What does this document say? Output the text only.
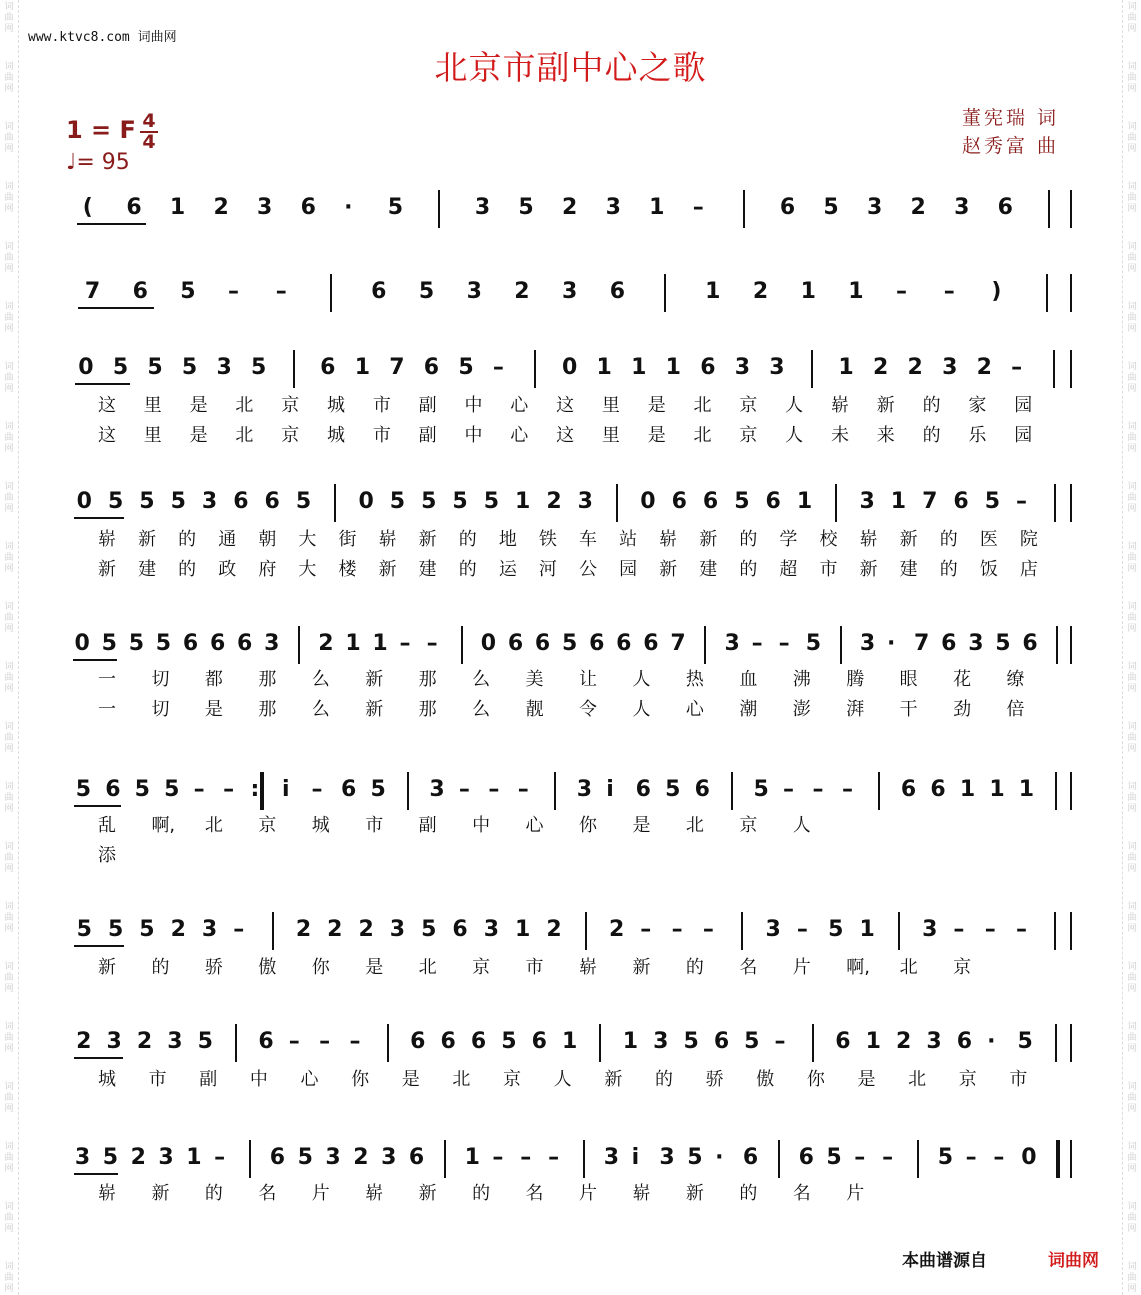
词
曲
网
词
曲
网
词
曲
网
词
曲
网
词
曲
网
词
曲
网
词
曲
网
词
曲
网
词
曲
网
词
曲
网
词
曲
网
词
曲
网
词
曲
网
词
曲
网
词
曲
网
词
曲
网
词
曲
网
词
曲
网
词
曲
网
词
曲
网
词
曲
网
词
曲
网
词
曲
网
词
曲
网
词
曲
网
词
曲
网
词
曲
网
词
曲
网
词
曲
网
词
曲
网
词
曲
网
词
曲
网
词
曲
网
词
曲
网
词
曲
网
词
曲
网
词
曲
网
词
曲
网
词
曲
网
词
曲
网
词
曲
网
词
曲
网
词
曲
网
词
曲
网
www.ktvc8.com 词曲网
北京市副中心之歌
1 = F 4
4
♩= 95
董宪瑞 词
赵秀富 曲
( 6 1 2 3 6 · 5	3 5 2 3 1 –	6 5 3 2 3 6
7 6 5 – –	6 5 3 2 3 6	1 2 1 1 – – )
0 5 5 5 3 5 6 1 7 6 5 –	0 1 1 1 6 3 3 1 2 2 3 2 –
这 里 是 北 京 城 市 副 中 心 这 里 是 北 京 人 崭 新 的 家 园
这 里 是 北 京 城 市 副 中 心 这 里 是 北 京 人 未 来 的 乐 园
0 5 5 5 3 6 6 5 0 5 5 5 5 1 2 3 0 6 6 5 6 1 3 1 7 6 5 –
崭 新 的 通 朝 大 街 崭 新 的 地 铁 车 站 崭 新 的 学 校 崭 新 的 医 院
新 建 的 政 府 大 楼 新 建 的 运 河 公 园 新 建 的 超 市 新 建 的 饭 店
0 5 5 5 6 6 6 3 2 1 1 – – 0 6 6 5 6 6 6 7 3 – – 5 3 · 7 6 3 5 6
一 切 都 那 么 新 那 么 美 让 人 热 血 沸 腾 眼 花 缭
一 切 是 那 么 新 那 么 靓 令 人 心 潮 澎 湃 干 劲 倍
5 6 5 5 – – : i – 6 5 3 – – – 3 i 6 5 6 5 – – – 6 6 1 1 1
乱 啊, 北 京 城 市 副 中 心 你 是 北 京 人
添
5 5 5 2 3 – 2 2 2 3 5 6 3 1 2 2 – – – 3 – 5 1 3 – – –
新 的 骄 傲 你 是 北 京 市 崭 新 的 名 片 啊, 北 京
2 3 2 3 5 6 – – – 6 6 6 5 6 1 1 3 5 6 5 – 6 1 2 3 6 · 5
城 市 副 中 心 你 是 北 京 人 新 的 骄 傲 你 是 北 京 市
3 5 2 3 1 – 6 5 3 2 3 6 1 – – – 3 i 3 5 · 6 6 5 – – 5 – – 0
崭 新 的 名 片 崭 新 的 名 片 崭 新 的 名 片
本曲谱源自	词曲网
